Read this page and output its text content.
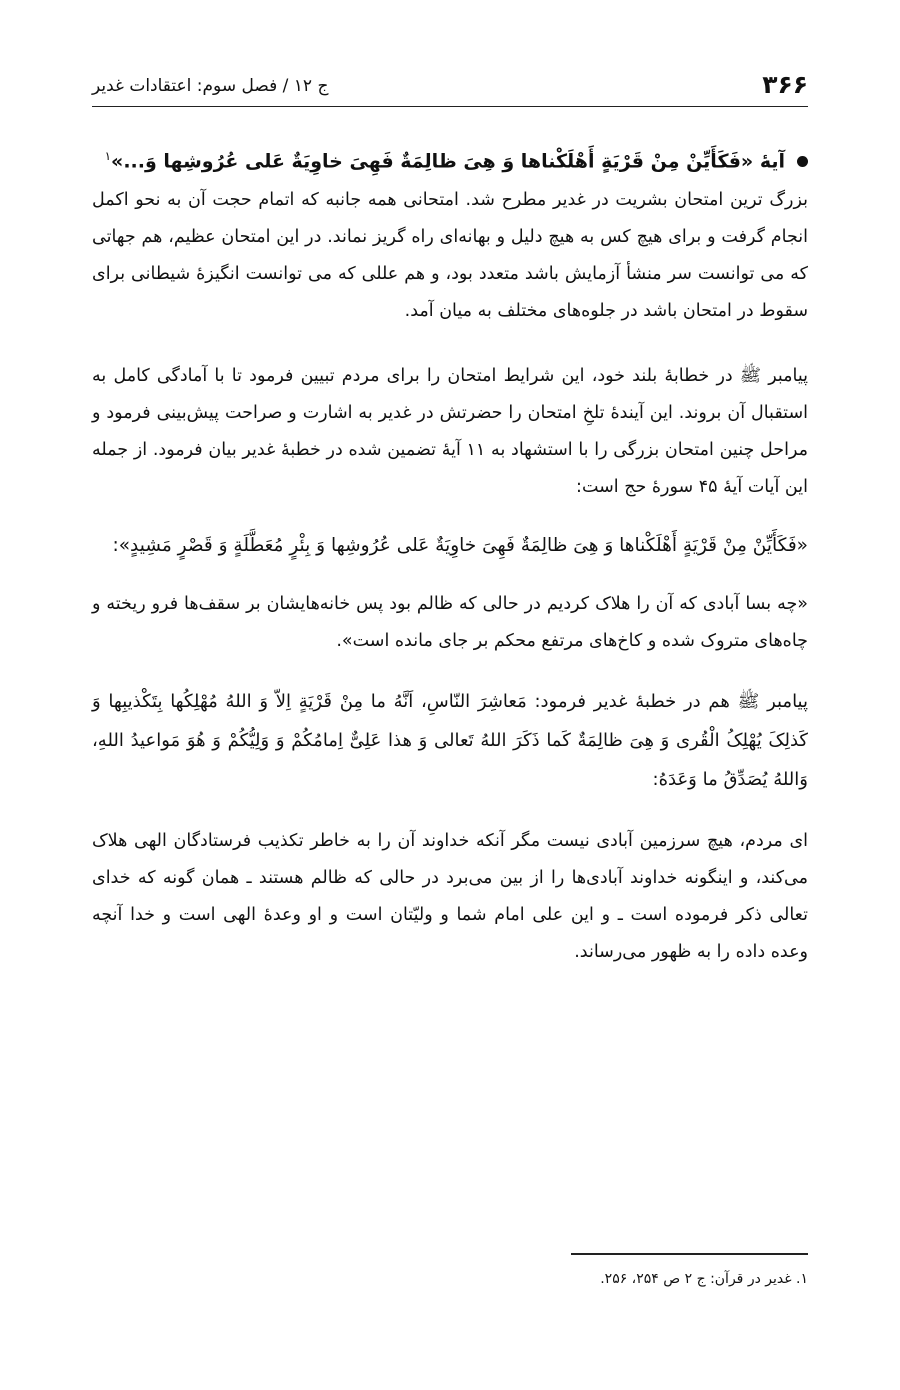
۳۶۶
ج ۱۲ / فصل سوم: اعتقادات غدیر
آیهٔ «فَکَأَیِّنْ مِنْ قَرْیَةٍ أَهْلَکْناها وَ هِیَ ظالِمَةٌ فَهِیَ خاوِیَةٌ عَلی عُرُوشِها وَ...»$^۱$

بزرگ ترین امتحان بشریت در غدیر مطرح شد. امتحانی همه جانبه که اتمام حجت آن به نحو اکمل انجام گرفت و برای هیچ کس به هیچ دلیل و بهانه‌ای راه گریز نماند. در این امتحان عظیم، هم جهاتی که می توانست سر منشأ آزمایش باشد متعدد بود، و هم عللی که می توانست انگیزهٔ شیطانی برای سقوط در امتحان باشد در جلوه‌های مختلف به میان آمد.

پیامبر ﷺ در خطابهٔ بلند خود، این شرایط امتحان را برای مردم تبیین فرمود تا با آمادگی کامل به استقبال آن بروند. این آیندهٔ تلخِ امتحان را حضرتش در غدیر به اشارت و صراحت پیش‌بینی فرمود و مراحل چنین امتحان بزرگی را با استشهاد به ۱۱ آیهٔ تضمین شده در خطبهٔ غدیر بیان فرمود. از جمله این آیات آیهٔ ۴۵ سورهٔ حج است:

«فَکَأَیِّنْ مِنْ قَرْیَةٍ أَهْلَکْناها وَ هِیَ ظالِمَةٌ فَهِیَ خاوِیَةٌ عَلی عُرُوشِها وَ بِئْرٍ مُعَطَّلَةٍ وَ قَصْرٍ مَشِیدٍ»:

«چه بسا آبادی که آن را هلاک کردیم در حالی که ظالم بود پس خانه‌هایشان بر سقف‌ها فرو ریخته و چاه‌های متروک شده و کاخ‌های مرتفع محکم بر جای مانده است».

پیامبر ﷺ هم در خطبهٔ غدیر فرمود: مَعاشِرَ النّاسِ، اَنَّهُ ما مِنْ قَرْیَةٍ اِلاّ وَ اللهُ مُهْلِکُها بِتَکْذیبِها وَ کَذلِکَ یُهْلِکُ الْقُری وَ هِیَ ظالِمَةٌ کَما ذَکَرَ اللهُ تَعالی وَ هذا عَلِیٌّ اِمامُکُمْ وَ وَلِیُّکُمْ وَ هُوَ مَواعیدُ اللهِ، وَاللهُ یُصَدِّقُ ما وَعَدَهُ:

ای مردم، هیچ سرزمین آبادی نیست مگر آنکه خداوند آن را به خاطر تکذیب فرستادگان الهی هلاک می‌کند، و اینگونه خداوند آبادی‌ها را از بین می‌برد در حالی که ظالم هستند ـ همان گونه که خدای تعالی ذکر فرموده است ـ و این علی امام شما و ولیّتان است و او وعدهٔ الهی است و خدا آنچه وعده داده را به ظهور می‌رساند.

۱. غدیر در قرآن: ج ۲ ص ۲۵۴، ۲۵۶.
